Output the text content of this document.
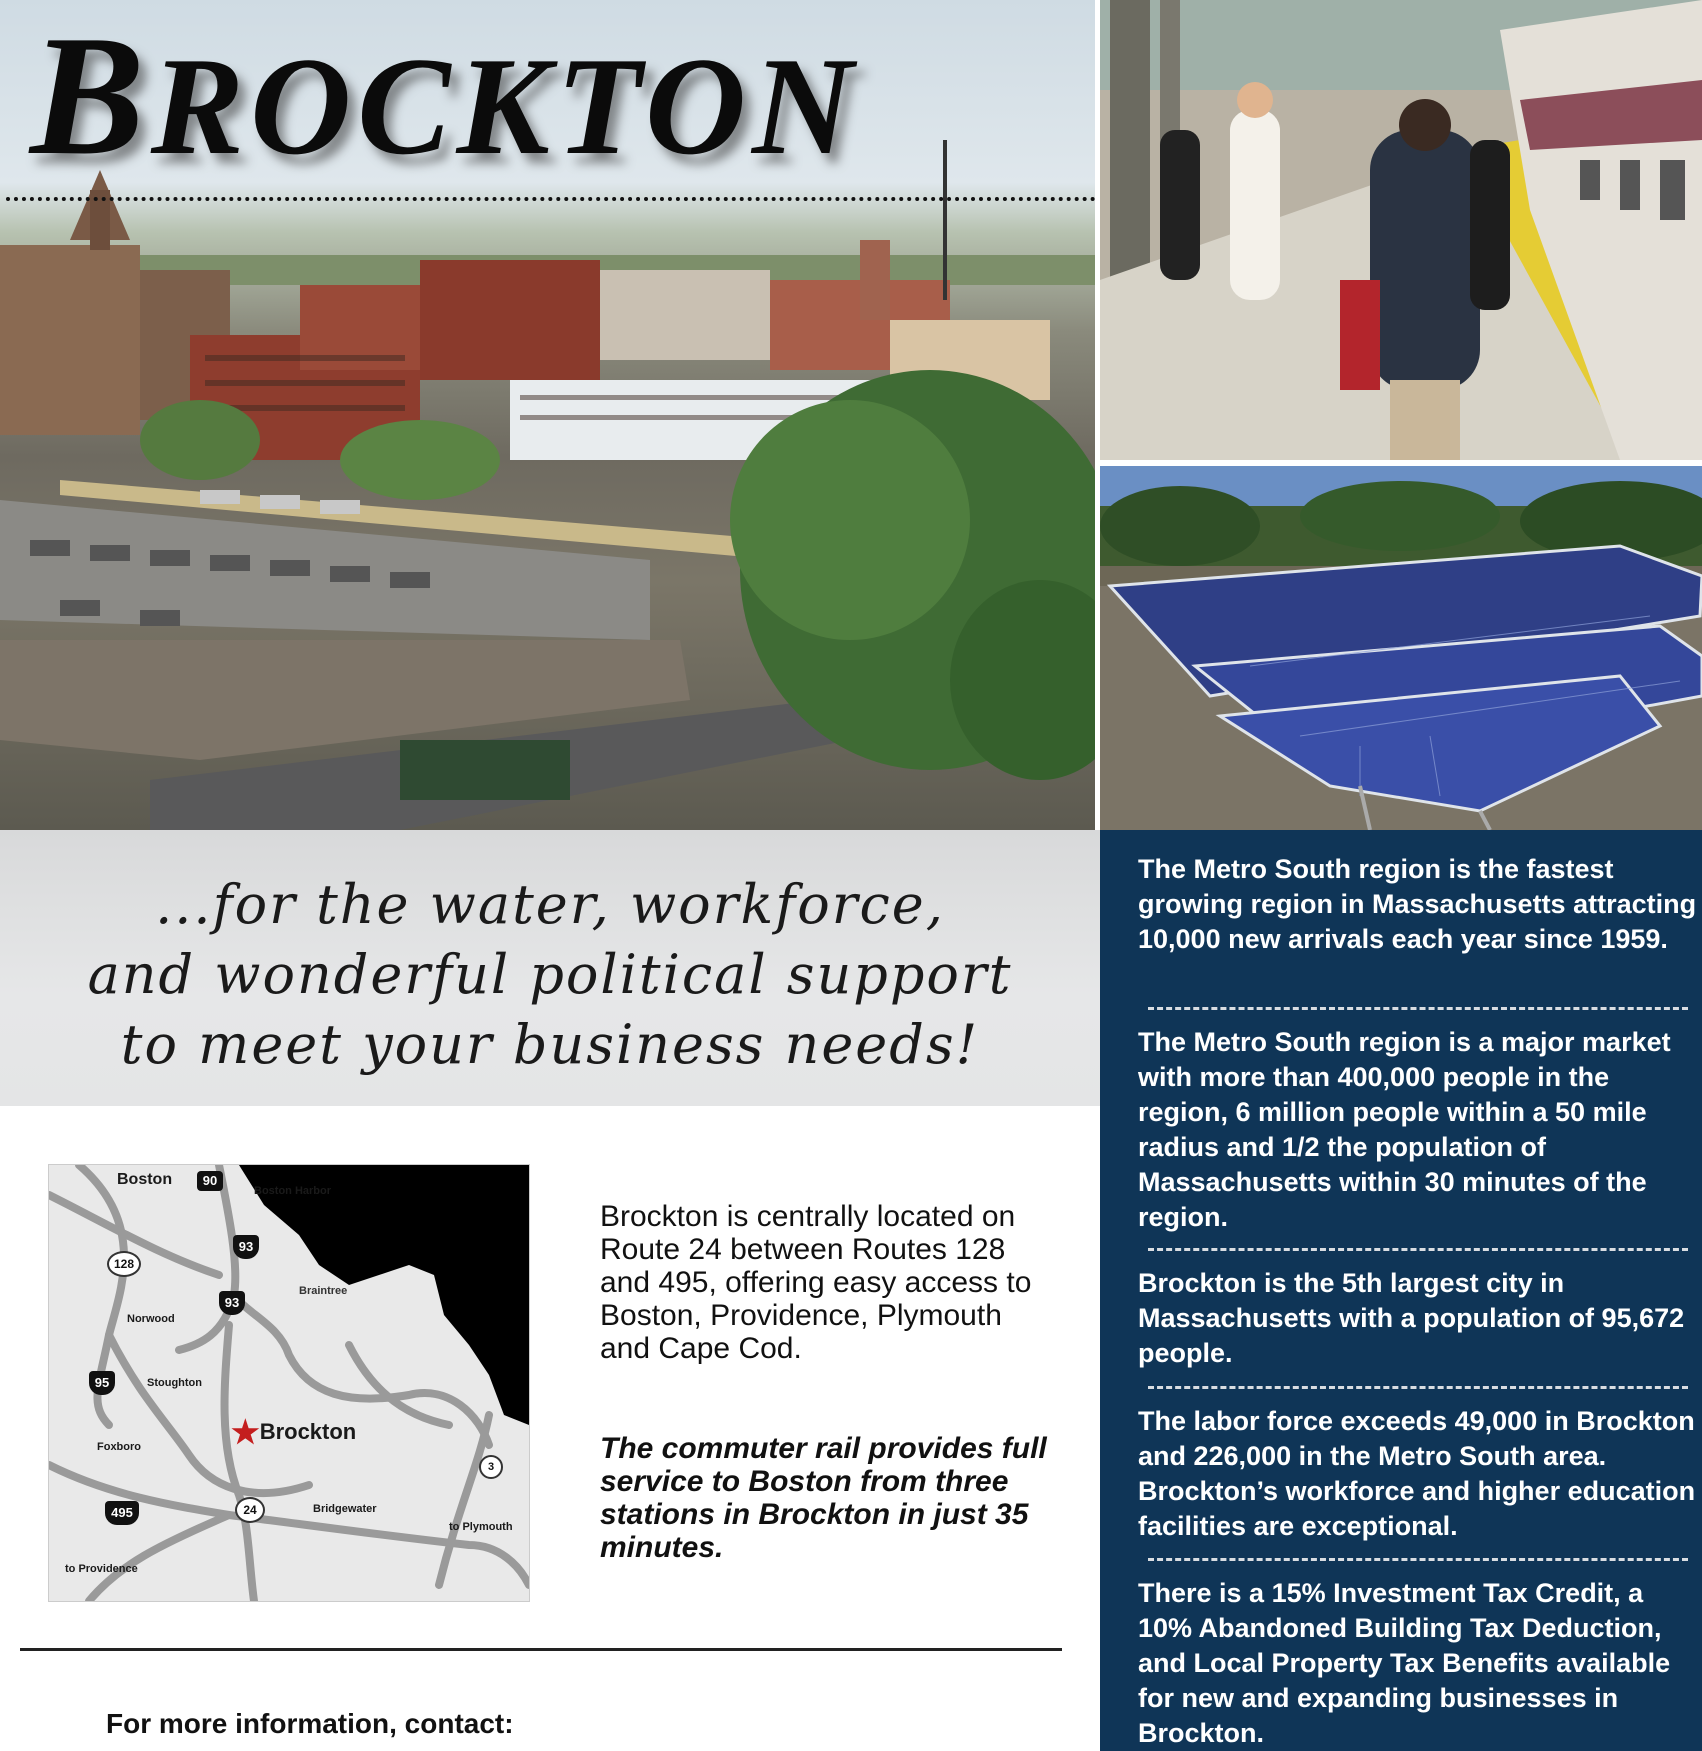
BROCKTON
...for the water, workforce,
and wonderful political support
to meet your business needs!
The Metro South region is the fastest growing region in Massachusetts attracting 10,000 new arrivals each year since 1959.
The Metro South region is a major market with more than 400,000 people in the region, 6 million people within a 50 mile radius and 1/2 the population of Massachusetts within 30 minutes of the region.
Brockton is the 5th largest city in Massachusetts with a population of 95,672 people.
The labor force exceeds 49,000 in Brockton and 226,000 in the Metro South area. Brockton’s workforce and higher education facilities are exceptional.
There is a 15% Investment Tax Credit, a 10% Abandoned Building Tax Deduction, and Local Property Tax Benefits available for new and expanding businesses in Brockton.
Boston
Boston Harbor
Braintree
Norwood
Stoughton
Foxboro	★Brockton
Bridgewater
to Plymouth
to Providence
90
93
93
128
95
495	24
3
Brockton is centrally located on Route 24 between Routes 128 and 495, offering easy access to Boston, Providence, Plymouth and Cape Cod.
The commuter rail provides full service to Boston from three stations in Brockton in just 35 minutes.
For more information, contact:
